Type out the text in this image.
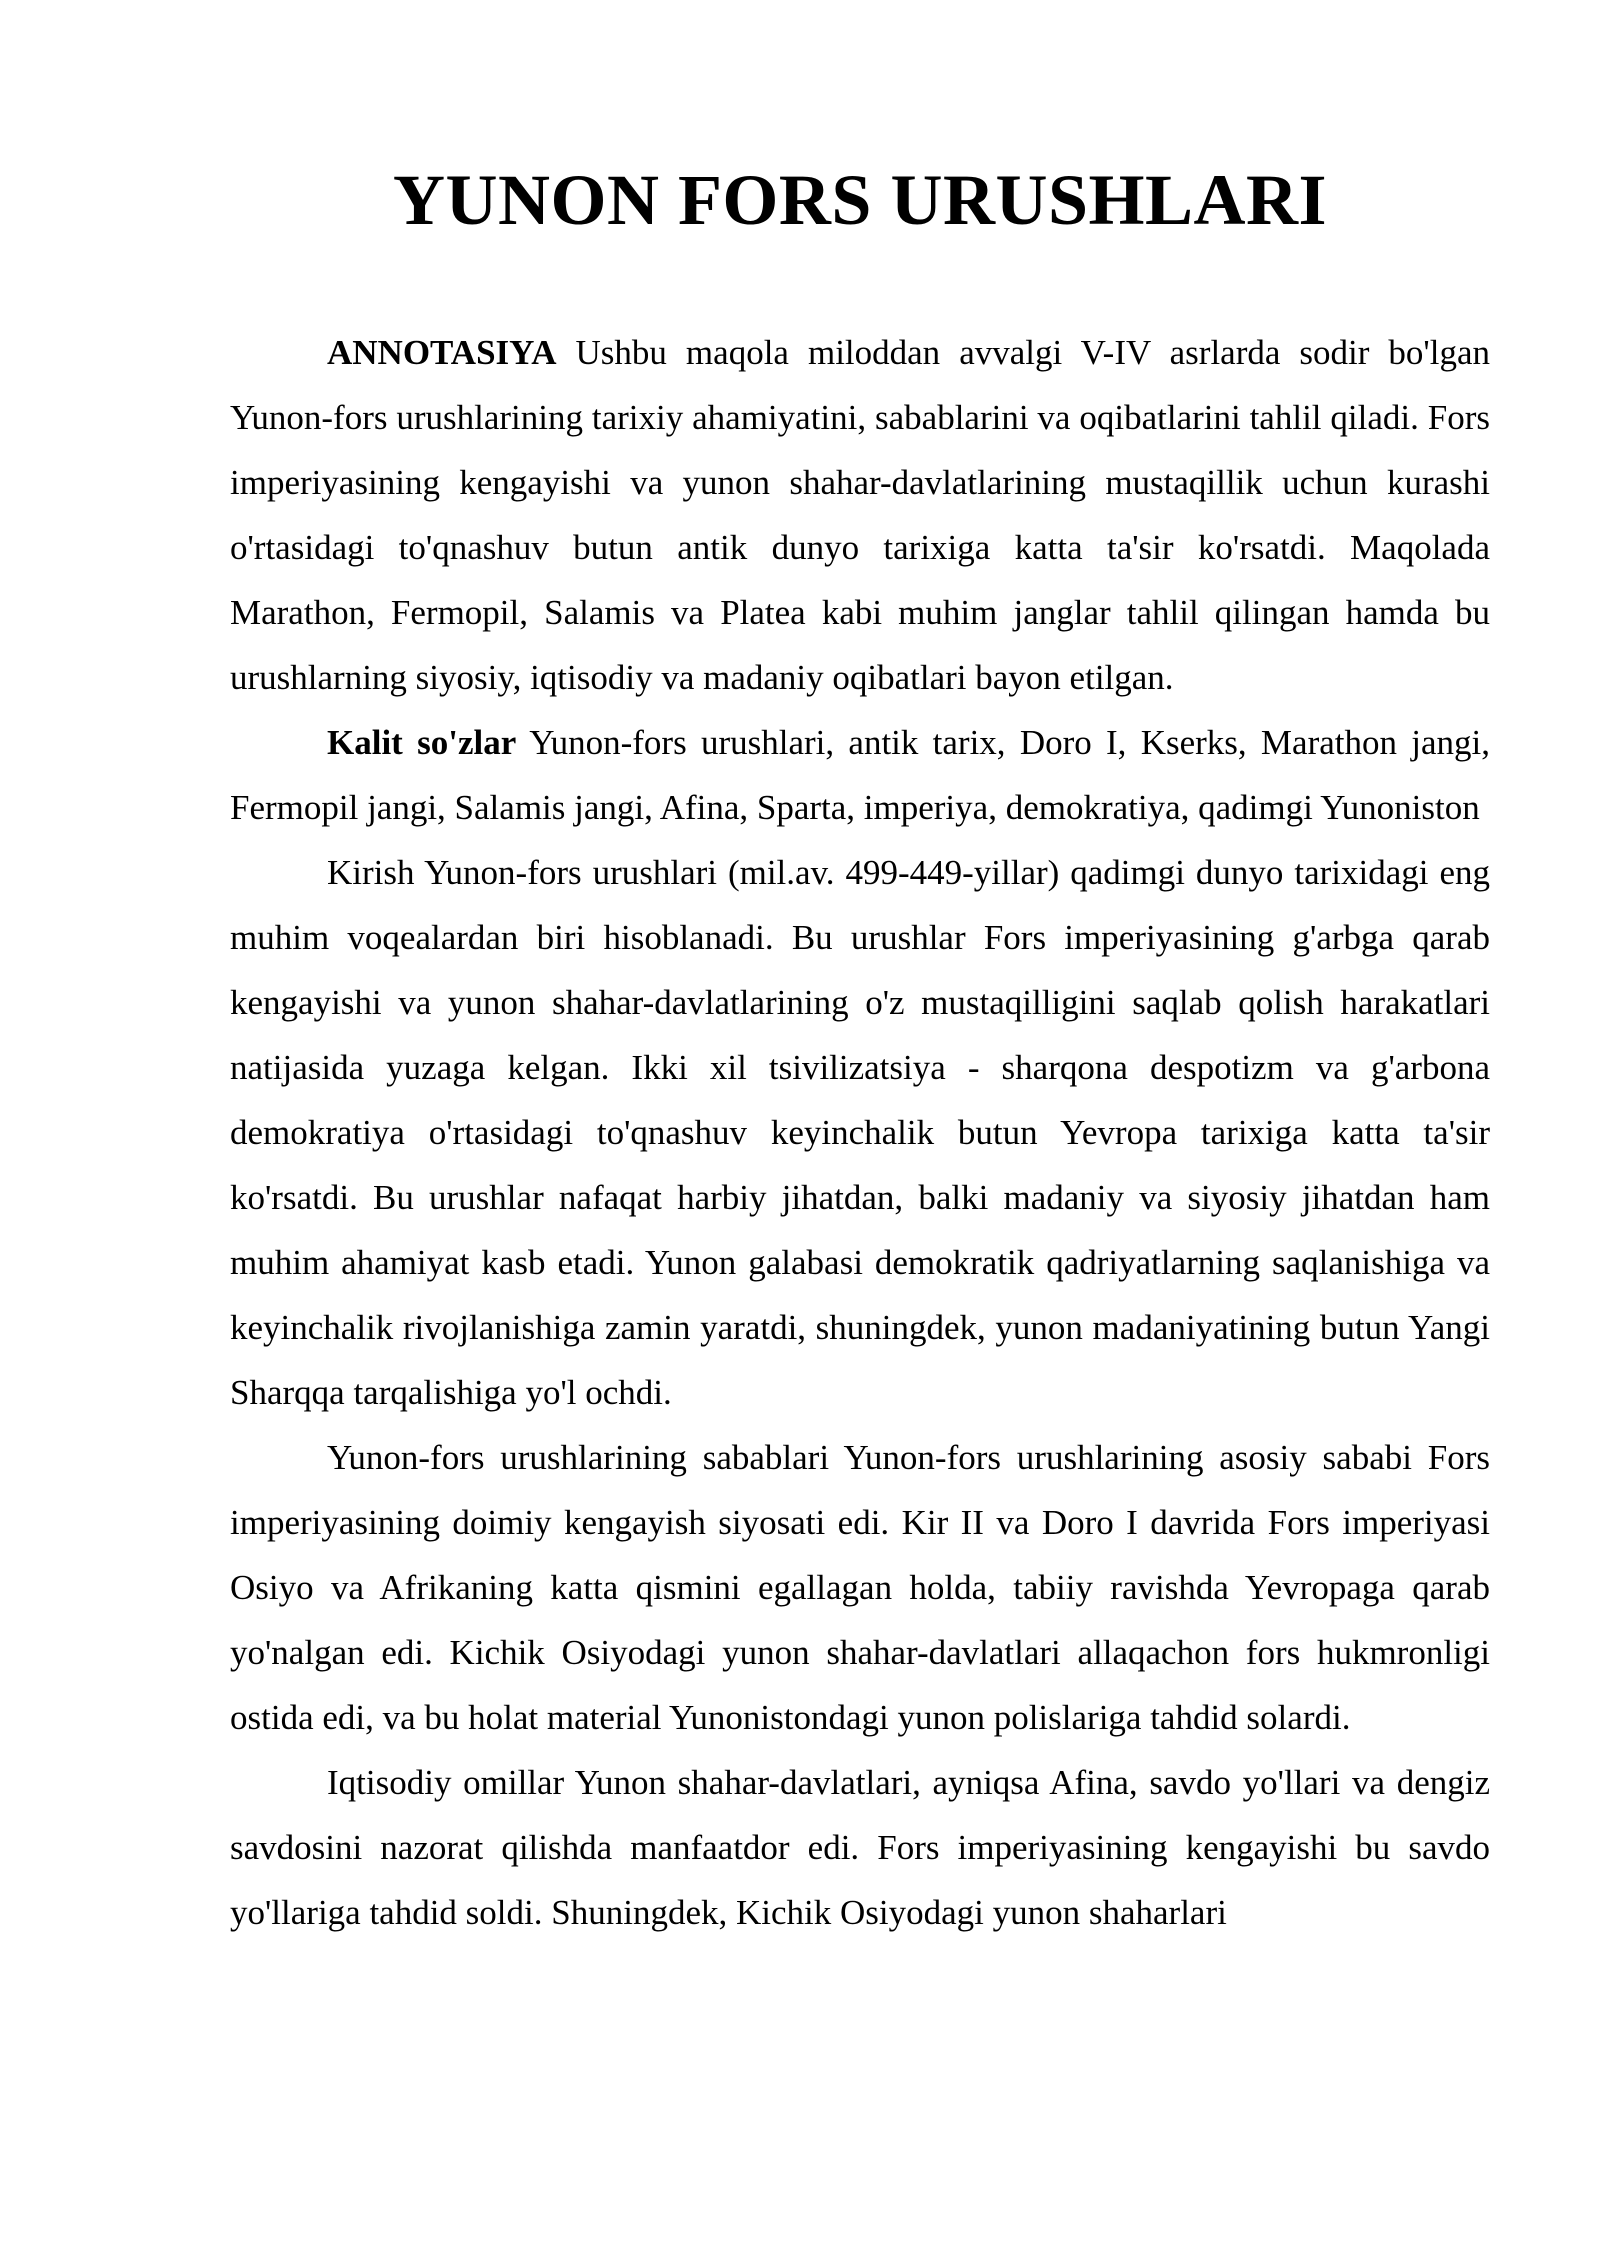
YUNON FORS URUSHLARI

ANNOTASIYA Ushbu maqola miloddan avvalgi V-IV asrlarda sodir bo'lgan Yunon-fors urushlarining tarixiy ahamiyatini, sabablarini va oqibatlarini tahlil qiladi. Fors imperiyasining kengayishi va yunon shahar-davlatlarining mustaqillik uchun kurashi o'rtasidagi to'qnashuv butun antik dunyo tarixiga katta ta'sir ko'rsatdi. Maqolada Marathon, Fermopil, Salamis va Platea kabi muhim janglar tahlil qilingan hamda bu urushlarning siyosiy, iqtisodiy va madaniy oqibatlari bayon etilgan.

Kalit so'zlar Yunon-fors urushlari, antik tarix, Doro I, Kserks, Marathon jangi, Fermopil jangi, Salamis jangi, Afina, Sparta, imperiya, demokratiya, qadimgi Yunoniston

Kirish Yunon-fors urushlari (mil.av. 499-449-yillar) qadimgi dunyo tarixidagi eng muhim voqealardan biri hisoblanadi. Bu urushlar Fors imperiyasining g'arbga qarab kengayishi va yunon shahar-davlatlarining o'z mustaqilligini saqlab qolish harakatlari natijasida yuzaga kelgan. Ikki xil tsivilizatsiya - sharqona despotizm va g'arbona demokratiya o'rtasidagi to'qnashuv keyinchalik butun Yevropa tarixiga katta ta'sir ko'rsatdi. Bu urushlar nafaqat harbiy jihatdan, balki madaniy va siyosiy jihatdan ham muhim ahamiyat kasb etadi. Yunon galabasi demokratik qadriyatlarning saqlanishiga va keyinchalik rivojlanishiga zamin yaratdi, shuningdek, yunon madaniyatining butun Yangi Sharqqa tarqalishiga yo'l ochdi.

Yunon-fors urushlarining sabablari Yunon-fors urushlarining asosiy sababi Fors imperiyasining doimiy kengayish siyosati edi. Kir II va Doro I davrida Fors imperiyasi Osiyo va Afrikaning katta qismini egallagan holda, tabiiy ravishda Yevropaga qarab yo'nalgan edi. Kichik Osiyodagi yunon shahar-davlatlari allaqachon fors hukmronligi ostida edi, va bu holat material Yunonistondagi yunon polislariga tahdid solardi.

Iqtisodiy omillar Yunon shahar-davlatlari, ayniqsa Afina, savdo yo'llari va dengiz savdosini nazorat qilishda manfaatdor edi. Fors imperiyasining kengayishi bu savdo yo'llariga tahdid soldi. Shuningdek, Kichik Osiyodagi yunon shaharlari
